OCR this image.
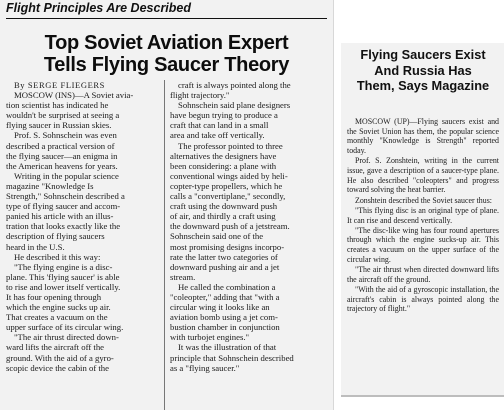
Flight Principles Are Described
Top Soviet Aviation Expert
Tells Flying Saucer Theory

By SERGE FLIEGERS

MOSCOW (INS)—A Soviet avia-
tion scientist has indicated he
wouldn't be surprised at seeing a
flying saucer in Russian skies.

Prof. S. Sohnschein was even
described a practical version of
the flying saucer—an enigma in
the American heavens for years.

Writing in the popular science
magazine "Knowledge Is
Strength," Sohnschein described a
type of flying saucer and accom-
panied his article with an illus-
tration that looks exactly like the
description of flying saucers
heard in the U.S.

He described it this way:

"The flying engine is a disc-
plane. This 'flying saucer' is able
to rise and lower itself vertically.
It has four opening through
which the engine sucks up air.
That creates a vacuum on the
upper surface of its circular wing.

"The air thrust directed down-
ward lifts the aircraft off the
ground. With the aid of a gyro-
scopic device the cabin of the

craft is always pointed along the
flight trajectory."

Sohnschein said plane designers
have begun trying to produce a
craft that can land in a small
area and take off vertically.

The professor pointed to three
alternatives the designers have
been considering: a plane with
conventional wings aided by heli-
copter-type propellers, which he
calls a "convertiplane," secondly,
craft using the downward push
of air, and thirdly a craft using
the downward push of a jetstream.
Sohnschein said one of the
most promising designs incorpo-
rate the latter two categories of
downward pushing air and a jet
stream.

He called the combination a
"coleopter," adding that "with a
circular wing it looks like an
aviation bomb using a jet com-
bustion chamber in conjunction
with turbojet engines."

It was the illustration of that
principle that Sohnschein described
as a "flying saucer."

Flying Saucers Exist
And Russia Has
Them, Says Magazine

MOSCOW (UP)—Flying saucers exist and the Soviet Union has them, the popular science monthly "Knowledge is Strength" reported today.

Prof. S. Zonshtein, writing in the current issue, gave a description of a saucer-type plane. He also described "coleopters" and progress toward solving the heat barrier.

Zonshtein described the Soviet saucer thus:

"This flying disc is an original type of plane. It can rise and descend vertically.

"The disc-like wing has four round apertures through which the engine sucks-up air. This creates a vacuum on the upper surface of the circular wing.

"The air thrust when directed downward lifts the aircraft off the ground.

"With the aid of a gyroscopic installation, the aircraft's cabin is always pointed along the trajectory of flight."
